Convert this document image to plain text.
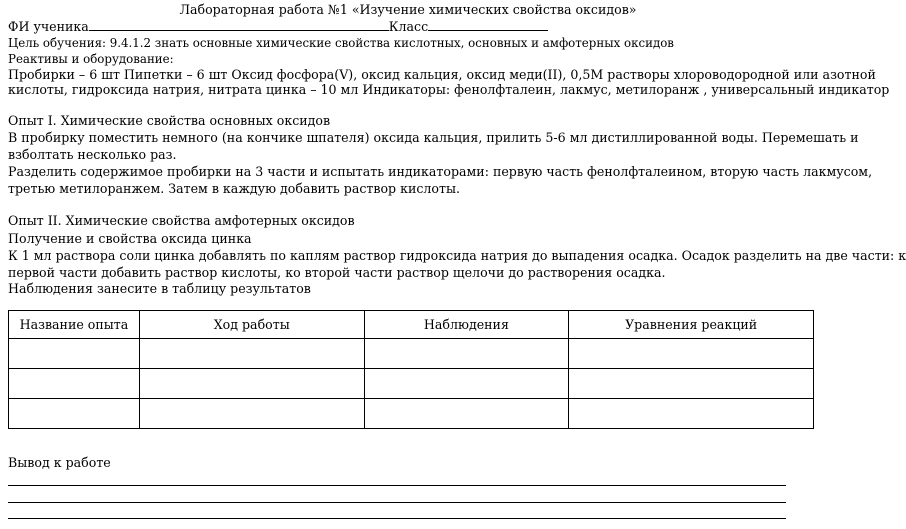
Лабораторная работа №1 «Изучение химических свойства оксидов»
ФИ ученика	Класс
Цель обучения: 9.4.1.2 знать основные химические свойства кислотных, основных и амфотерных оксидов
Реактивы и оборудование:
Пробирки – 6 шт Пипетки – 6 шт Оксид фосфора(V), оксид кальция, оксид меди(II), 0,5М растворы хлороводородной или азотной
кислоты, гидроксида натрия, нитрата цинка – 10 мл Индикаторы: фенолфталеин, лакмус, метилоранж , универсальный индикатор
Опыт I. Химические свойства основных оксидов
В пробирку поместить немного (на кончике шпателя) оксида кальция, прилить 5-6 мл дистиллированной воды. Перемешать и
взболтать несколько раз.
Разделить содержимое пробирки на 3 части и испытать индикаторами: первую часть фенолфталеином, вторую часть лакмусом,
третью метилоранжем. Затем в каждую добавить раствор кислоты.
Опыт II. Химические свойства амфотерных оксидов
Получение и свойства оксида цинка
К 1 мл раствора соли цинка добавлять по каплям раствор гидроксида натрия до выпадения осадка. Осадок разделить на две части: к
первой части добавить раствор кислоты, ко второй части раствор щелочи до растворения осадка.
Наблюдения занесите в таблицу результатов
Название опыта	Ход работы	Наблюдения	Уравнения реакций

Вывод к работе
